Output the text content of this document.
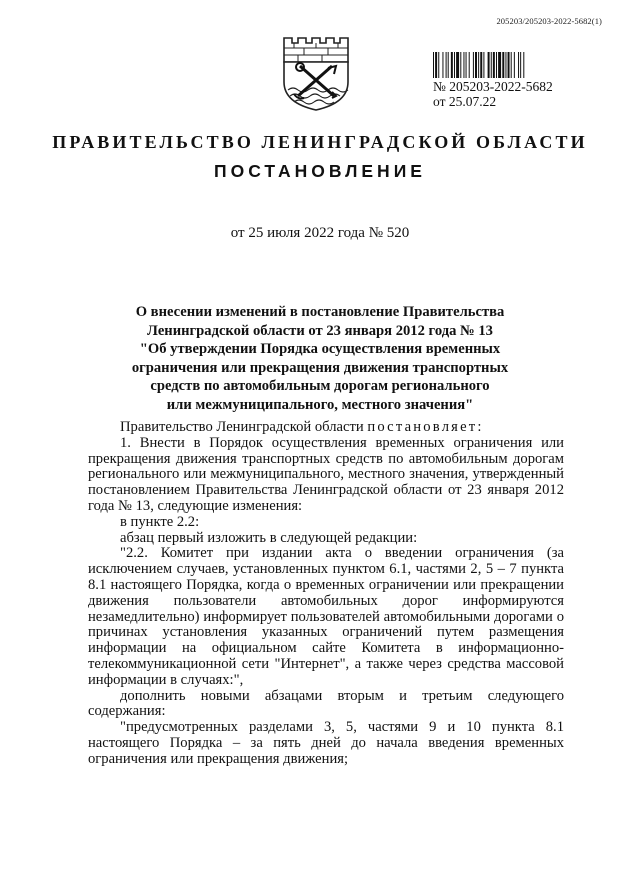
205203/205203-2022-5682(1)
№ 205203-2022-5682
от 25.07.22
ПРАВИТЕЛЬСТВО ЛЕНИНГРАДСКОЙ ОБЛАСТИ
ПОСТАНОВЛЕНИЕ
от 25 июля 2022 года № 520
О внесении изменений в постановление Правительства
Ленинградской области от 23 января 2012 года № 13
"Об утверждении Порядка осуществления временных
ограничения или прекращения движения транспортных
средств по автомобильным дорогам регионального
или межмуниципального, местного значения"

Правительство Ленинградской области постановляет:

1. Внести в Порядок осуществления временных ограничения или прекращения движения транспортных средств по автомобильным дорогам регионального или межмуниципального, местного значения, утвержденный постановлением Правительства Ленинградской области от 23 января 2012 года № 13, следующие изменения:

в пункте 2.2:

абзац первый изложить в следующей редакции:

"2.2. Комитет при издании акта о введении ограничения (за исключением случаев, установленных пунктом 6.1, частями 2, 5 – 7 пункта 8.1 настоящего Порядка, когда о временных ограничении или прекращении движения пользователи автомобильных дорог информируются незамедлительно) информирует пользователей автомобильными дорогами о причинах установления указанных ограничений путем размещения информации на официальном сайте Комитета в информационно-телекоммуникационной сети "Интернет", а также через средства массовой информации в случаях:",

дополнить новыми абзацами вторым и третьим следующего содержания:

"предусмотренных разделами 3, 5, частями 9 и 10 пункта 8.1 настоящего Порядка – за пять дней до начала введения временных ограничения или прекращения движения;
